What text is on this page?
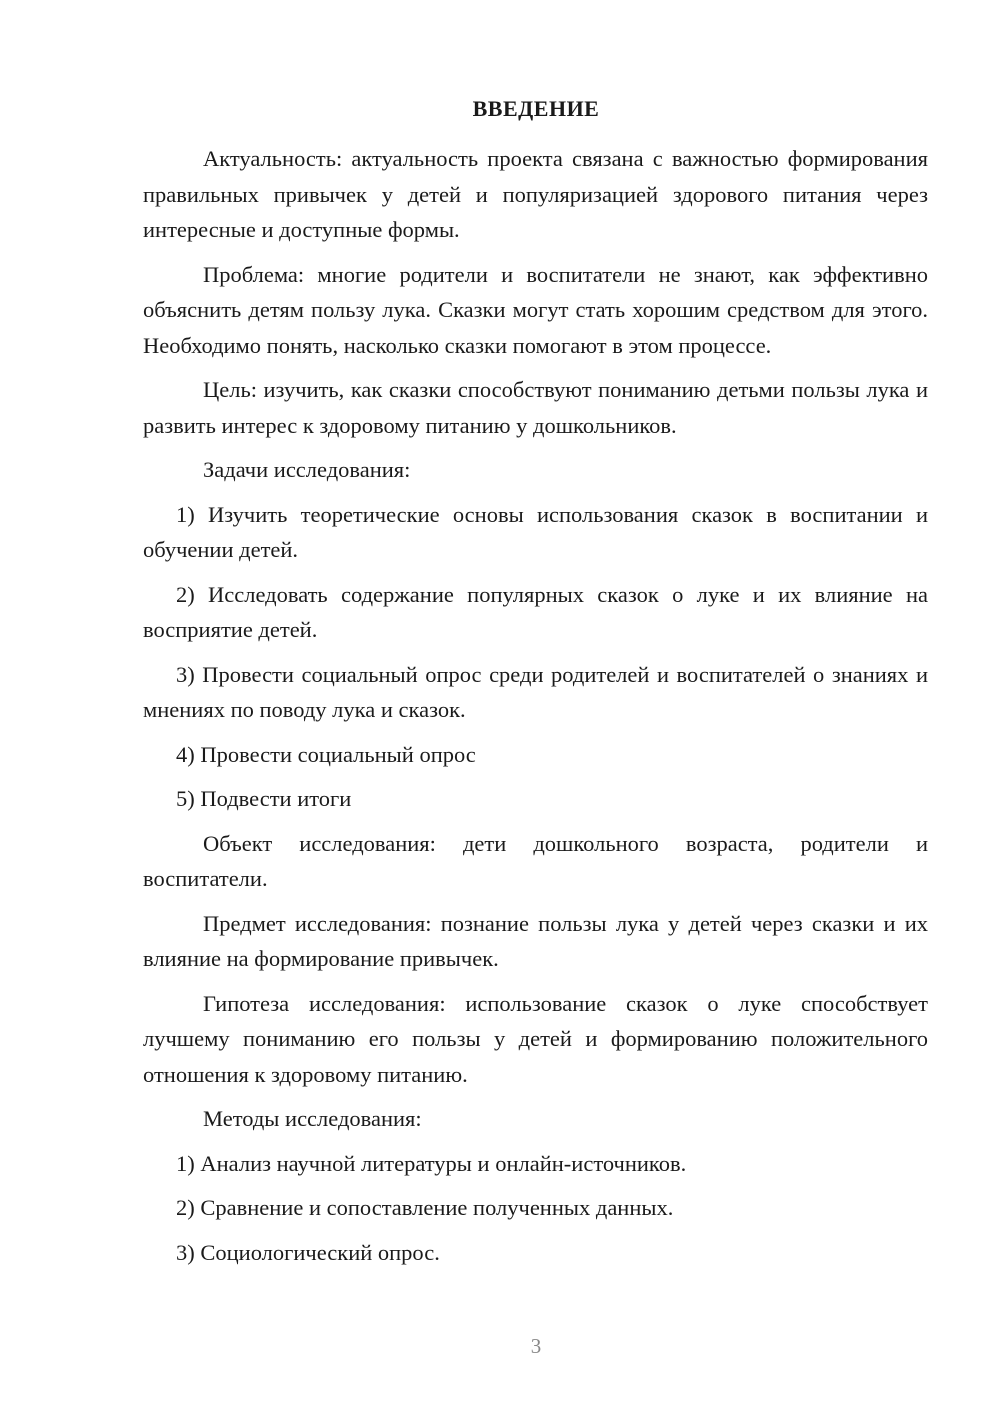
ВВЕДЕНИЕ

Актуальность: актуальность проекта связана с важностью формирования правильных привычек у детей и популяризацией здорового питания через интересные и доступные формы.

Проблема: многие родители и воспитатели не знают, как эффективно объяснить детям пользу лука. Сказки могут стать хорошим средством для этого. Необходимо понять, насколько сказки помогают в этом процессе.

Цель: изучить, как сказки способствуют пониманию детьми пользы лука и развить интерес к здоровому питанию у дошкольников.

Задачи исследования:

1) Изучить теоретические основы использования сказок в воспитании и обучении детей.

2) Исследовать содержание популярных сказок о луке и их влияние на восприятие детей.

3) Провести социальный опрос среди родителей и воспитателей о знаниях и мнениях по поводу лука и сказок.

4) Провести социальный опрос

5) Подвести итоги

Объект исследования: дети дошкольного возраста, родители и воспитатели.

Предмет исследования: познание пользы лука у детей через сказки и их влияние на формирование привычек.

Гипотеза исследования: использование сказок о луке способствует лучшему пониманию его пользы у детей и формированию положительного отношения к здоровому питанию.

Методы исследования:

1) Анализ научной литературы и онлайн-источников.

2) Сравнение и сопоставление полученных данных.

3) Социологический опрос.

3
